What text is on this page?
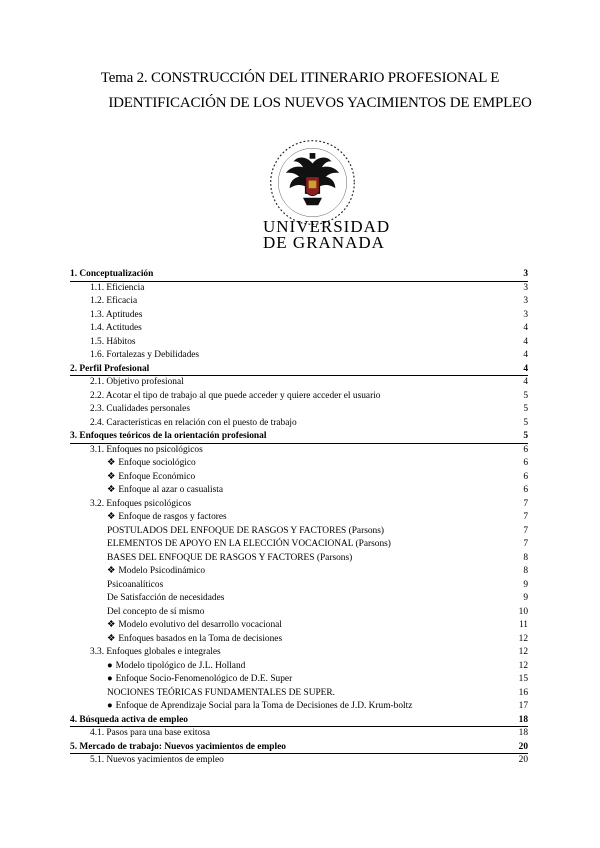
Tema 2. CONSTRUCCIÓN DEL ITINERARIO PROFESIONAL E
IDENTIFICACIÓN DE LOS NUEVOS YACIMIENTOS DE EMPLEO
UNIVERSIDAD
DE GRANADA
1. Conceptualización	3
1.1. Eficiencia	3
1.2. Eficacia	3
1.3. Aptitudes	3
1.4. Actitudes	4
1.5. Hábitos	4
1.6. Fortalezas y Debilidades	4
2. Perfil Profesional	4
2.1. Objetivo profesional	4
2.2. Acotar el tipo de trabajo al que puede acceder y quiere acceder el usuario	5
2.3. Cualidades personales	5
2.4. Características en relación con el puesto de trabajo	5
3. Enfoques teóricos de la orientación profesional	5
3.1. Enfoques no psicológicos	6
❖ Enfoque sociológico	6
❖ Enfoque Económico	6
❖ Enfoque al azar o casualista	6
3.2. Enfoques psicológicos	7
❖ Enfoque de rasgos y factores	7
POSTULADOS DEL ENFOQUE DE RASGOS Y FACTORES (Parsons)	7
ELEMENTOS DE APOYO EN LA ELECCIÓN VOCACIONAL (Parsons)	7
BASES DEL ENFOQUE DE RASGOS Y FACTORES (Parsons)	8
❖ Modelo Psicodinámico	8
Psicoanalíticos	9
De Satisfacción de necesidades	9
Del concepto de sí mismo	10
❖ Modelo evolutivo del desarrollo vocacional	11
❖ Enfoques basados en la Toma de decisiones	12
3.3. Enfoques globales e integrales	12
● Modelo tipológico de J.L. Holland	12
● Enfoque Socio-Fenomenológico de D.E. Super	15
NOCIONES TEÓRICAS FUNDAMENTALES DE SUPER.	16
● Enfoque de Aprendizaje Social para la Toma de Decisiones de J.D. Krum-boltz	17
4. Búsqueda activa de empleo	18
4.1. Pasos para una base exitosa	18
5. Mercado de trabajo: Nuevos yacimientos de empleo	20
5.1. Nuevos yacimientos de empleo	20
